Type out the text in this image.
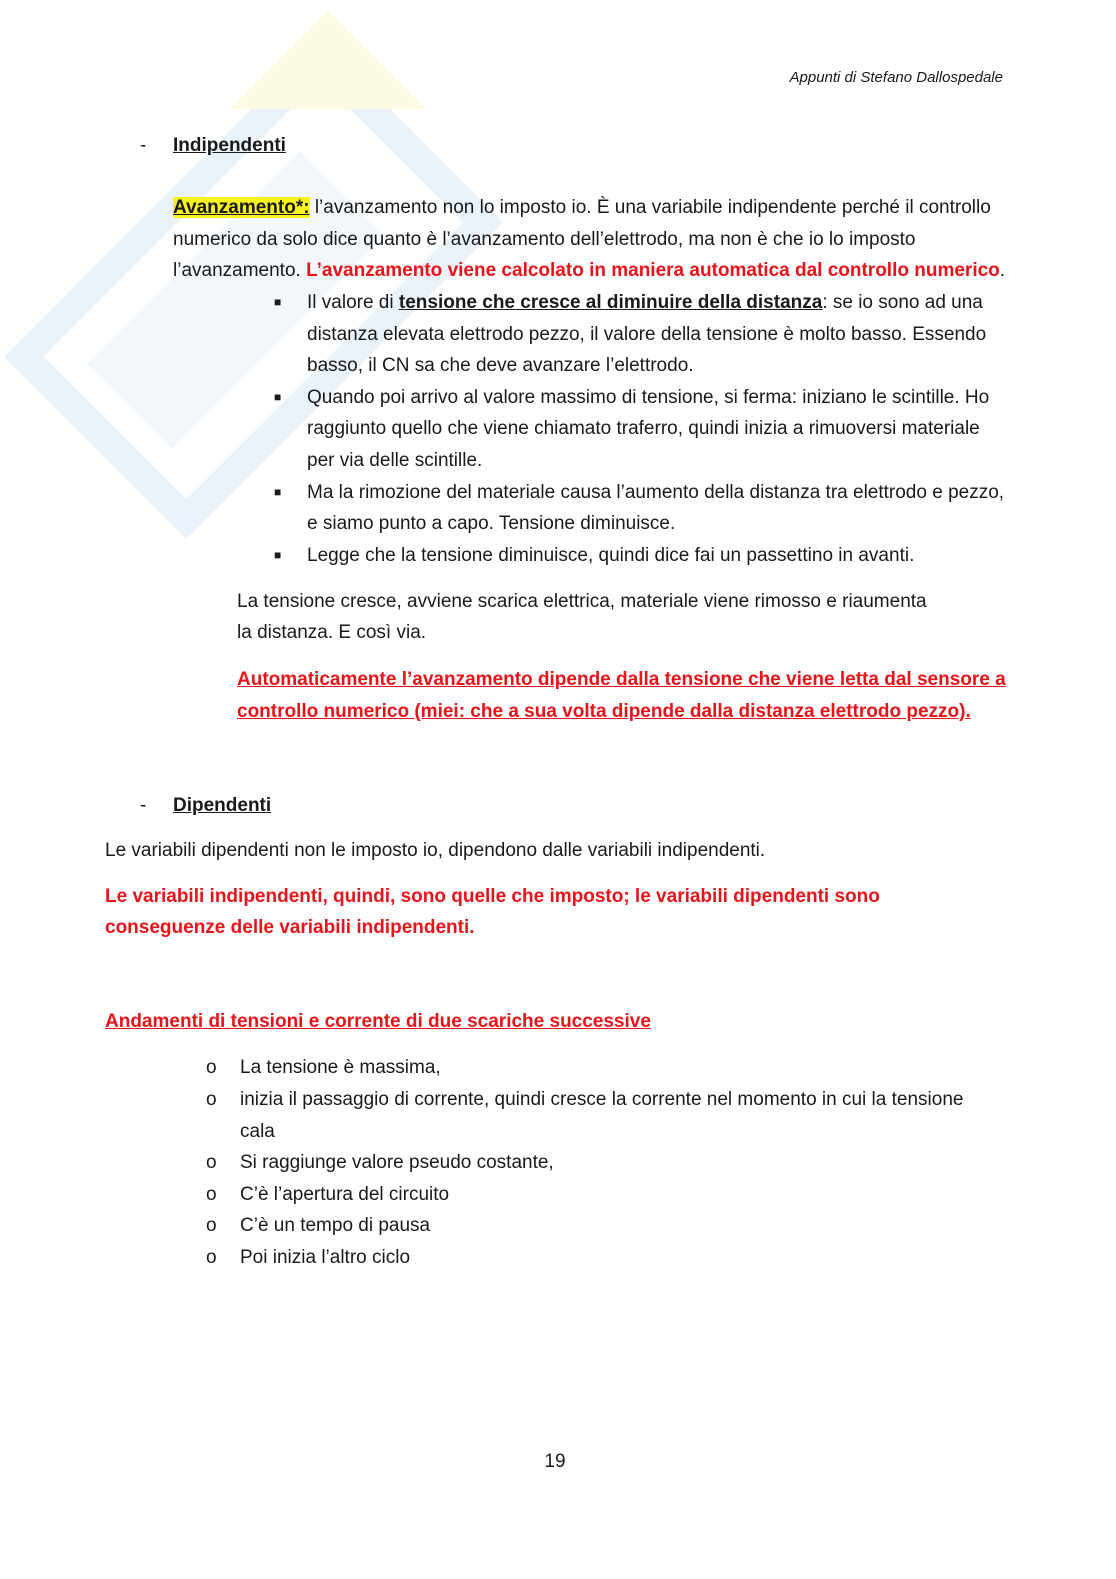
Appunti di Stefano Dallospedale
-	Indipendenti
Avanzamento*: l’avanzamento non lo imposto io. È una variabile indipendente perché il controllo numerico da solo dice quanto è l’avanzamento dell’elettrodo, ma non è che io lo imposto l’avanzamento. L’avanzamento viene calcolato in maniera automatica dal controllo numerico.
■ Il valore di tensione che cresce al diminuire della distanza: se io sono ad una distanza elevata elettrodo pezzo, il valore della tensione è molto basso. Essendo basso, il CN sa che deve avanzare l’elettrodo.
■ Quando poi arrivo al valore massimo di tensione, si ferma: iniziano le scintille. Ho raggiunto quello che viene chiamato traferro, quindi inizia a rimuoversi materiale per via delle scintille.
■ Ma la rimozione del materiale causa l’aumento della distanza tra elettrodo e pezzo, e siamo punto a capo. Tensione diminuisce.
■ Legge che la tensione diminuisce, quindi dice fai un passettino in avanti.
La tensione cresce, avviene scarica elettrica, materiale viene rimosso e riaumenta la distanza. E così via.
Automaticamente l’avanzamento dipende dalla tensione che viene letta dal sensore a controllo numerico (miei: che a sua volta dipende dalla distanza elettrodo pezzo).
-	Dipendenti
Le variabili dipendenti non le imposto io, dipendono dalle variabili indipendenti.
Le variabili indipendenti, quindi, sono quelle che imposto; le variabili dipendenti sono conseguenze delle variabili indipendenti.
Andamenti di tensioni e corrente di due scariche successive
o La tensione è massima,
o inizia il passaggio di corrente, quindi cresce la corrente nel momento in cui la tensione cala
o Si raggiunge valore pseudo costante,
o C’è l’apertura del circuito
o C’è un tempo di pausa
o Poi inizia l’altro ciclo
19
